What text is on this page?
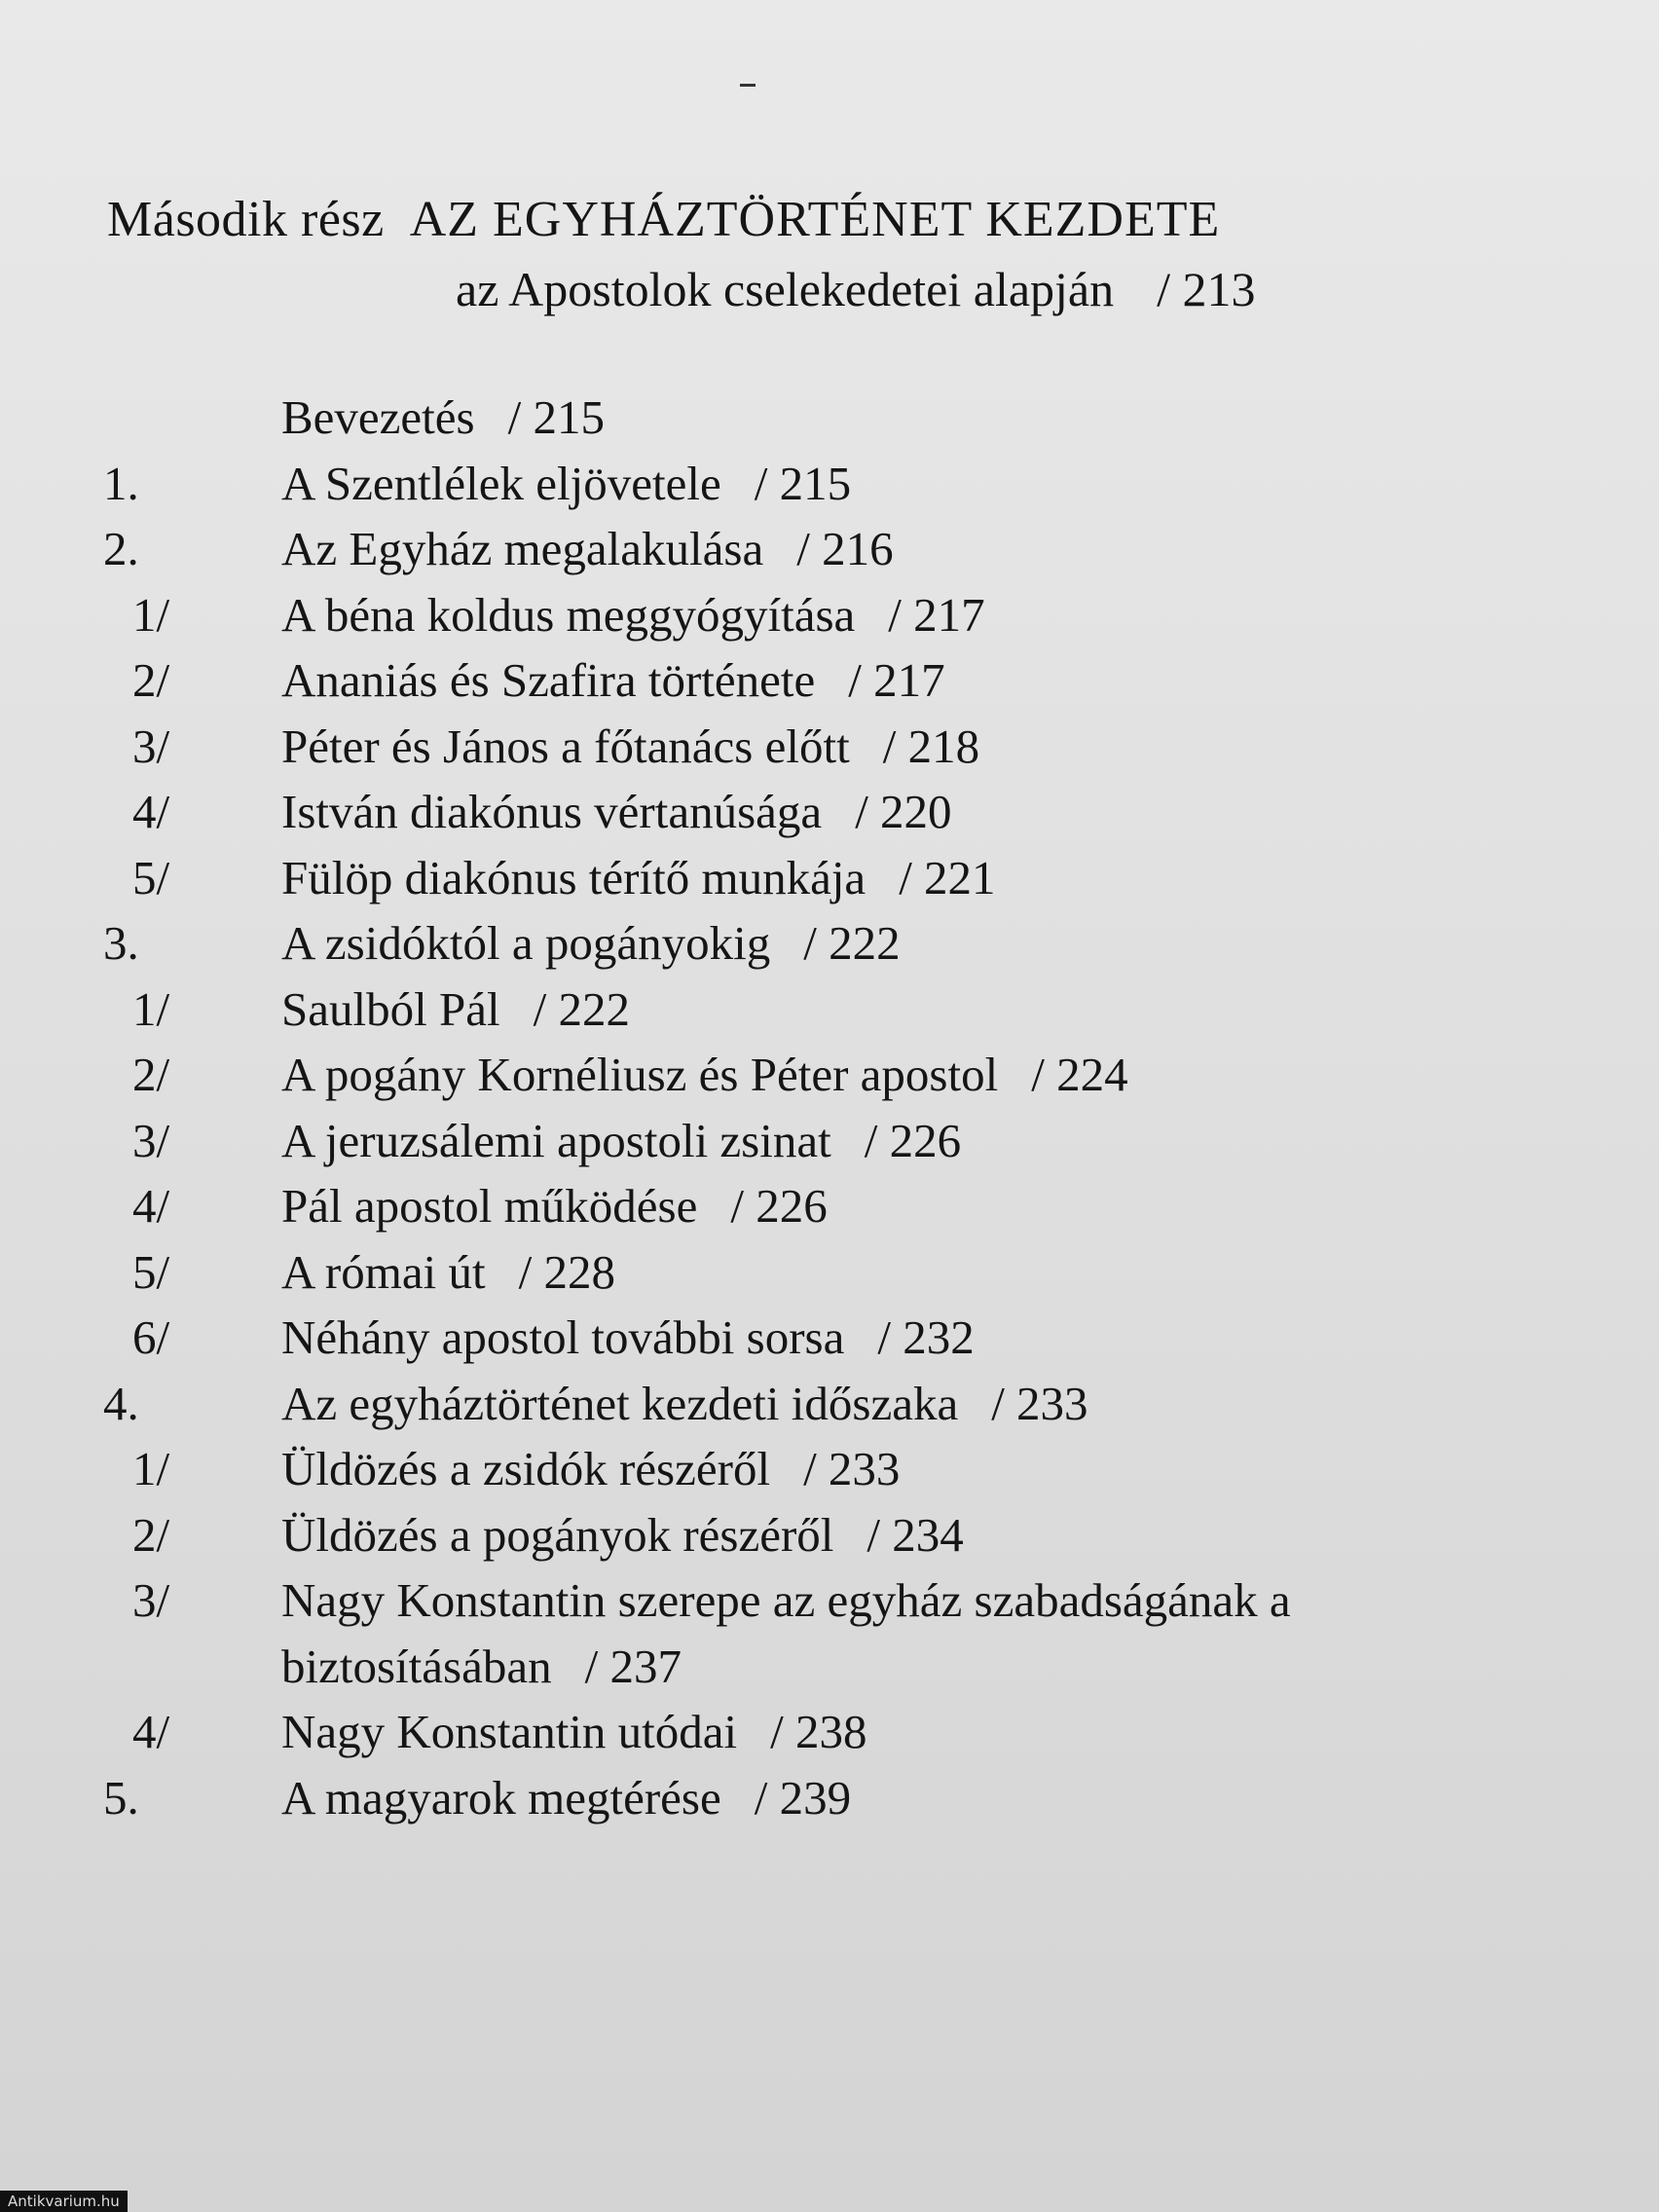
Második rész AZ EGYHÁZTÖRTÉNET KEZDETE
az Apostolok cselekedetei alapján / 213
Bevezetés / 215
1.	A Szentlélek eljövetele / 215
2.	Az Egyház megalakulása / 216
1/	A béna koldus meggyógyítása / 217
2/	Ananiás és Szafira története / 217
3/	Péter és János a főtanács előtt / 218
4/	István diakónus vértanúsága / 220
5/	Fülöp diakónus térítő munkája / 221
3.	A zsidóktól a pogányokig / 222
1/	Saulból Pál / 222
2/	A pogány Kornéliusz és Péter apostol / 224
3/	A jeruzsálemi apostoli zsinat / 226
4/	Pál apostol működése / 226
5/	A római út / 228
6/	Néhány apostol további sorsa / 232
4.	Az egyháztörténet kezdeti időszaka / 233
1/	Üldözés a zsidók részéről / 233
2/	Üldözés a pogányok részéről / 234
3/	Nagy Konstantin szerepe az egyház szabadságának a
biztosításában / 237
4/	Nagy Konstantin utódai / 238
5.	A magyarok megtérése / 239
Antikvarium.hu
